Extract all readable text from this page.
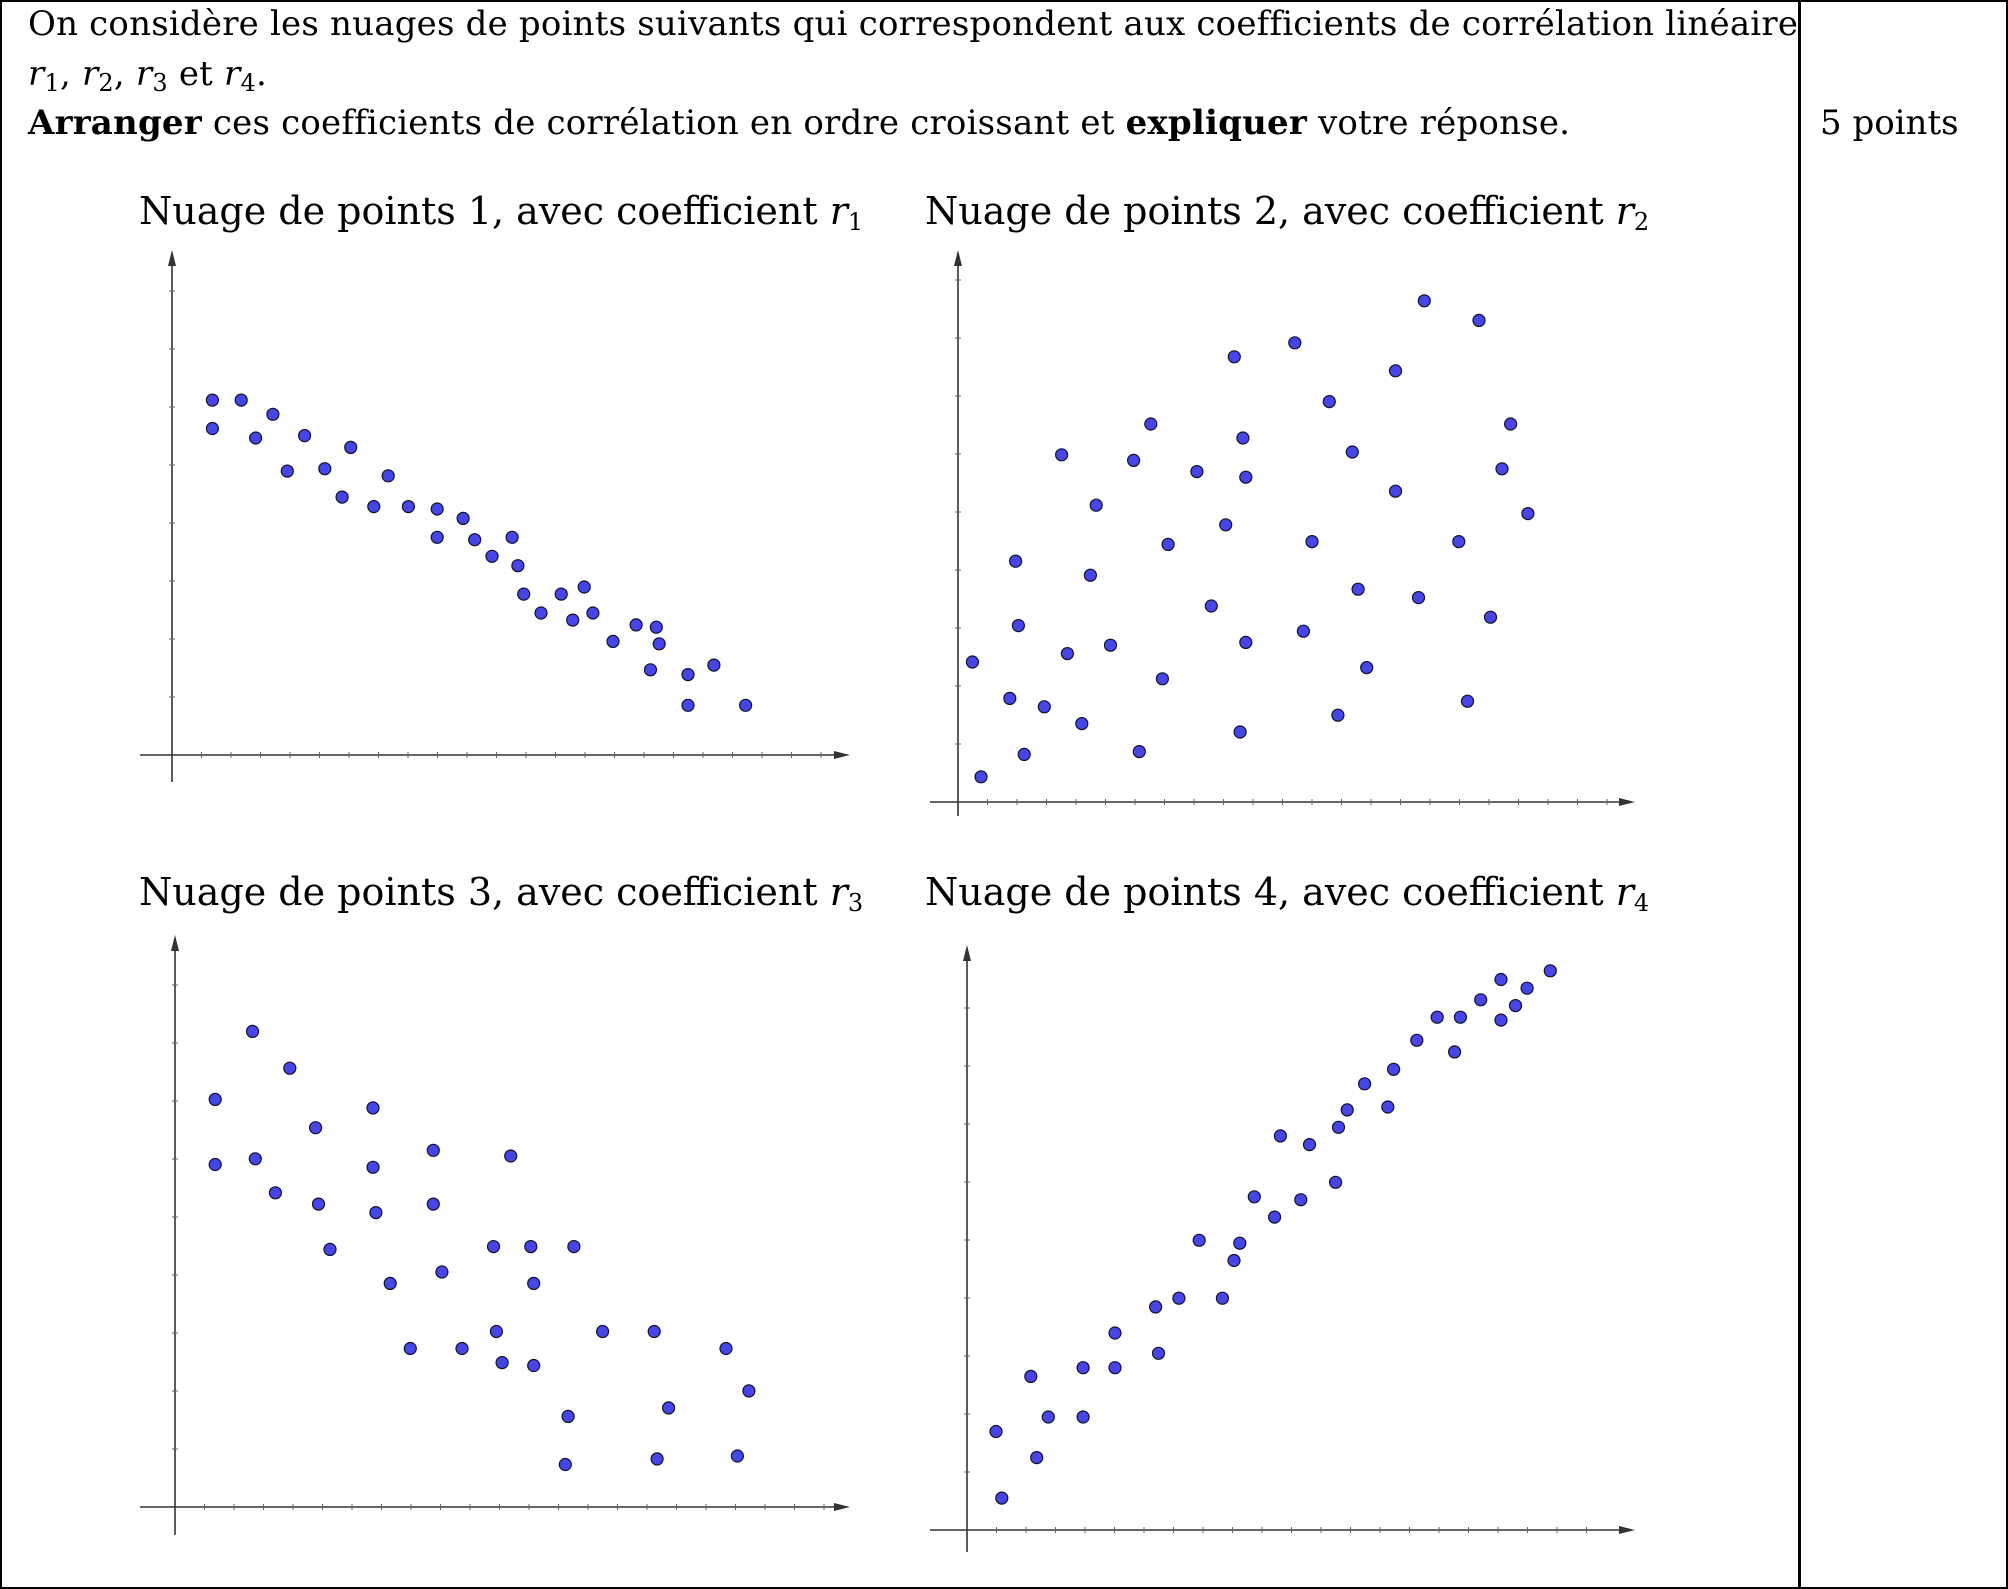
On considère les nuages de points suivants qui correspondent aux coefficients de corrélation linéaire
$r_1$, $r_2$, $r_3$ et $r_4$.
Arranger ces coefficients de corrélation en ordre croissant et expliquer votre réponse.	5 points
Nuage de points 1, avec coefficient $r_1$ Nuage de points 2, avec coefficient $r_2$
Nuage de points 3, avec coefficient $r_3$ Nuage de points 4, avec coefficient $r_4$
